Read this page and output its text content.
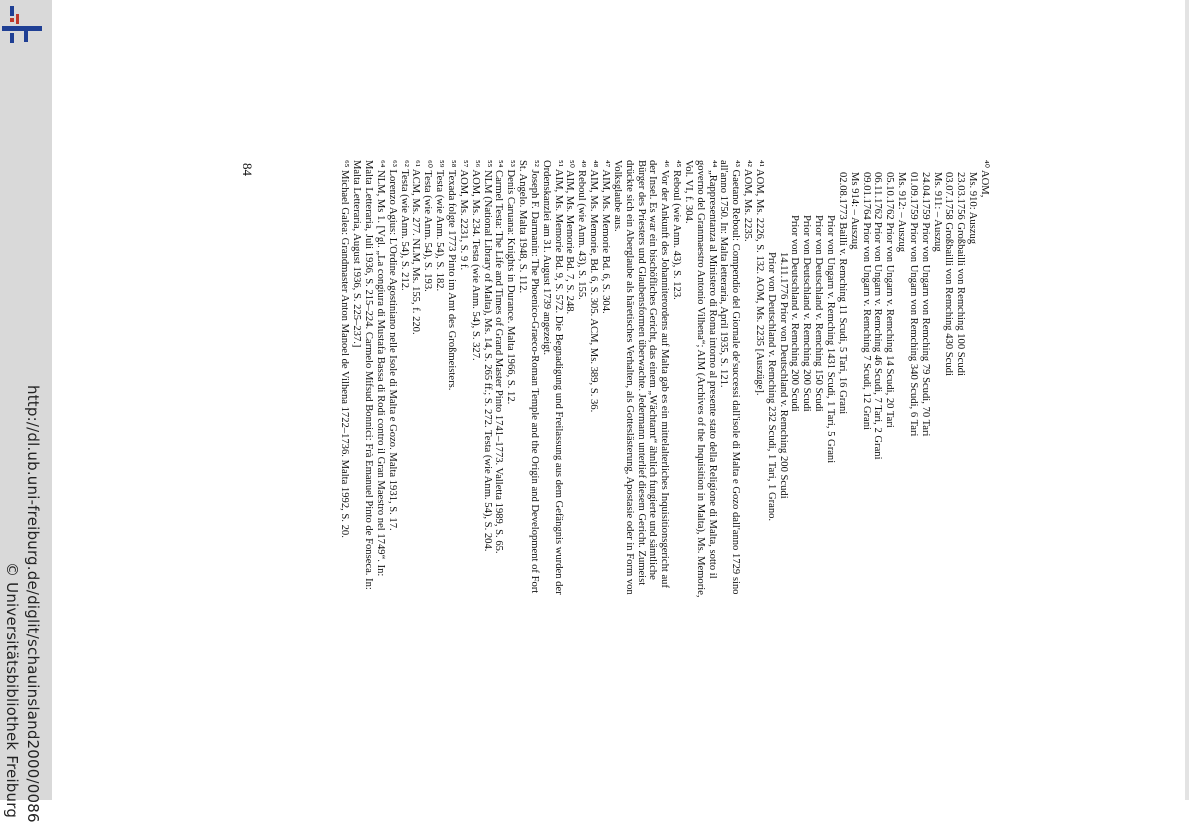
http://dl.ub.uni-freiburg.de/diglit/schauinsland2000/0086
© Universitätsbibliothek Freiburg

⁴⁰ AOM,

Ms. 910: Auszug

23.03.1756 Großbailli von Remching 100 Scudi

03.07.1758 Großbailli von Remching 430 Scudi

Ms. 911: – Auszug

24.04.1759 Prior von Ungarn von Remching 79 Scudi, 70 Tari

01.09.1759 Prior von Ungarn von Remching 340 Scudi, 6 Tari

Ms. 912: – Auszug

05.10.1762 Prior von Ungarn v. Remching 14 Scudi, 20 Tari

06.11.1762 Prior von Ungarn v. Remching 46 Scudi, 7 Tari, 2 Grani

09.01.1764 Prior von Ungarn v. Remching 7 Scudi, 12 Grani

Ms 914: – Auszug

02.08.1773 Bailli v. Remching 11 Scudi, 5 Tari, 16 Grani

Prior von Ungarn v. Remching 1431 Scudi, 1 Tari, 5 Grani

Prior von Deutschland v. Remching 150 Scudi

Prior von Deutschland v. Remching 200 Scudi

Prior von Deutschland v. Remching 200 Scudi

14.11.1776 Prior von Deutschland v. Remching 200 Scudi

Prior von Deutschland v. Remching 232 Scudi, 1 Tari, 1 Grano.

⁴¹ AOM, Ms. 2226, S. 132. AOM, Ms. 2235 [Auszüge].

⁴² AOM, Ms. 2235.

⁴³ Gaetano Reboul: Compendio del Giornale de'successi dall'isole di Malta e Gozo dall'anno 1729 sino all'anno 1750. In: Malta letteraria, April 1935, S. 121.

⁴⁴ „Rappresentanza al Ministero di Roma intorno al presente stato della Religione di Malta, sotto il governo del Granmaestro Antonio Vilhena“; AIM (Archives of the Inquisition in Malta), Ms. Memorie, Vol. VI, f. 304.

⁴⁵ Reboul (wie Anm. 43), S. 123.

⁴⁶ Vor der Ankunft des Johanniterordens auf Malta gab es ein mittelalterliches Inquisitionsgericht auf der Insel. Es war ein bischöfliches Gericht, das einem „Wächtamt“ ähnlich fungierte und sämtliche Bürger des Priesters und Glaubensformen überwachte. Jedermann unterlief diesem Gericht. Zumeist drückte sich ein Aberglaube als häretisches Verhalten, als Gotteslästerung, Apostasie oder in Form von Volksglaube aus.

⁴⁷ AIM, Ms. Memorie Bd. 6, S. 304.

⁴⁸ AIM, Ms. Memorie, Bd. 6, S. 305. ACM, Ms. 389, S. 36.

⁴⁹ Reboul (wie Anm. 43), S. 155.

⁵⁰ AIM, Ms. Memorie Bd. 7, S. 248.

⁵¹ AIM, Ms. Memorie Bd. 9, S. 572. Die Begnadigung und Freilassung aus dem Gefängnis wurden der Ordenskanzlei am 31. August 1739 angezeigt.

⁵² Joseph F. Darmanin: The Phoenico-Graeco-Roman Temple and the Origin and Development of Fort St. Angelo. Malta 1948, S. 112.

⁵³ Denis Caruana: Knights in Durance. Malta 1966, S. 12.

⁵⁴ Carmel Testa: The Life and Times of Grand Master Pinto 1741–1773. Valletta 1989, S. 65.

⁵⁵ NLM (National Library of Malta), Ms. 14, S. 265 ff.; S. 272. Testa (wie Anm. 54), S. 204.

⁵⁶ AOM, Ms. 234. Testa (wie Anm. 54), S. 327.

⁵⁷ AOM, Ms. 2231, S. 9 f.

⁵⁸ Texada folgte 1773 Pinto im Amt des Großmeisters.

⁵⁹ Testa (wie Anm. 54), S. 182.

⁶⁰ Testa (wie Anm. 54), S. 193.

⁶¹ ACM, Ms. 277. NLM, Ms. 155, f. 220.

⁶² Testa (wie Anm. 54), S. 212.

⁶³ Lorenzo Agius: L'Ordine Agostiniano nelle Isole di Malta e Gozo. Malta 1931, S. 17.

⁶⁴ NLM, Ms 1. [Vgl. „La congiura di Mustafa Bassa di Rodi contro il Gran Maestro nel 1749“. In: Malta Letteraria, Juli 1936, S. 215–224. Carmelo Mifsud Bonnici: Frà Emanuel Pinto de Fonseca. In: Malta Letteraria, August 1936, S. 225–237.]

⁶⁵ Michael Galea: Grandmaster Anton Manoel de Vilhena 1722–1736. Malta 1992, S. 20.

84
